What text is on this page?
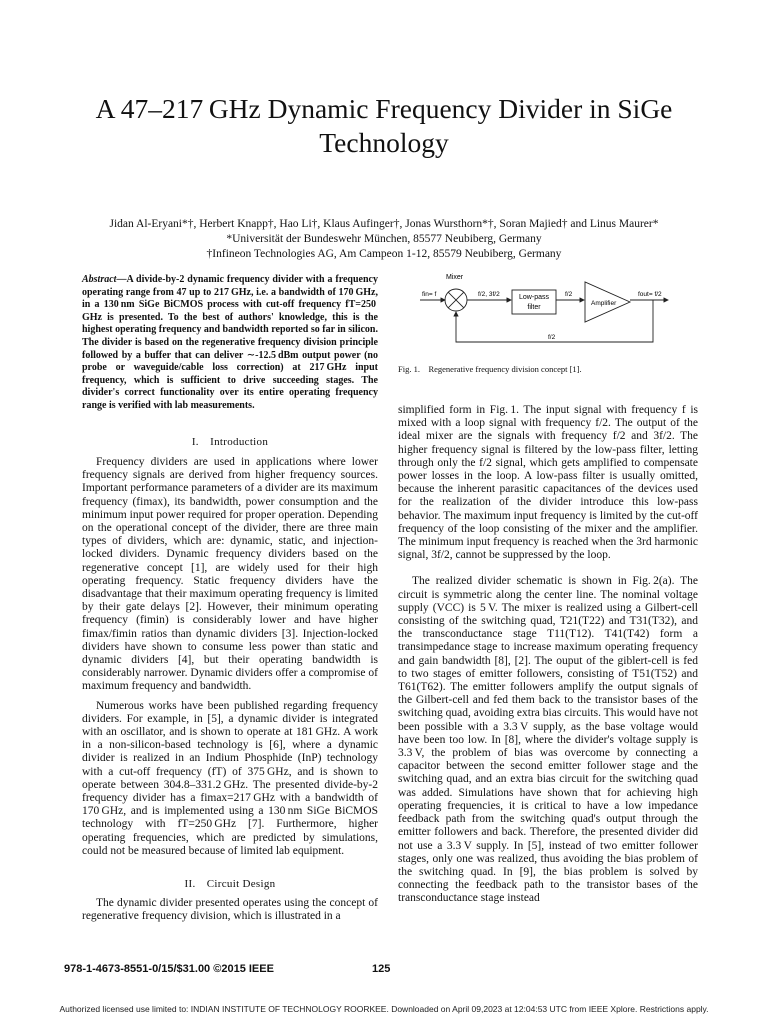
A 47–217 GHz Dynamic Frequency Divider in SiGe Technology
Jidan Al-Eryani*†, Herbert Knapp†, Hao Li†, Klaus Aufinger†, Jonas Wursthorn*†, Soran Majied† and Linus Maurer*
*Universität der Bundeswehr München, 85577 Neubiberg, Germany
†Infineon Technologies AG, Am Campeon 1-12, 85579 Neubiberg, Germany

Abstract—A divide-by-2 dynamic frequency divider with a frequency operating range from 47 up to 217 GHz, i.e. a bandwidth of 170 GHz, in a 130 nm SiGe BiCMOS process with cut-off frequency fT=250 GHz is presented. To the best of authors' knowledge, this is the highest operating frequency and bandwidth reported so far in silicon. The divider is based on the regenerative frequency division principle followed by a buffer that can deliver ∼-12.5 dBm output power (no probe or waveguide/cable loss correction) at 217 GHz input frequency, which is sufficient to drive succeeding stages. The divider's correct functionality over its entire operating frequency range is verified with lab measurements.

I. Introduction

Frequency dividers are used in applications where lower frequency signals are derived from higher frequency sources. Important performance parameters of a divider are its maximum frequency (fimax), its bandwidth, power consumption and the minimum input power required for proper operation. Depending on the operational concept of the divider, there are three main types of dividers, which are: dynamic, static, and injection-locked dividers. Dynamic frequency dividers based on the regenerative concept [1], are widely used for their high operating frequency. Static frequency dividers have the disadvantage that their maximum operating frequency is limited by their gate delays [2]. However, their minimum operating frequency (fimin) is considerably lower and have higher fimax/fimin ratios than dynamic dividers [3]. Injection-locked dividers have shown to consume less power than static and dynamic dividers [4], but their operating bandwidth is considerably narrower. Dynamic dividers offer a compromise of maximum frequency and bandwidth.

Numerous works have been published regarding frequency dividers. For example, in [5], a dynamic divider is integrated with an oscillator, and is shown to operate at 181 GHz. A work in a non-silicon-based technology is [6], where a dynamic divider is realized in an Indium Phosphide (InP) technology with a cut-off frequency (fT) of 375 GHz, and is shown to operate between 304.8–331.2 GHz. The presented divide-by-2 frequency divider has a fimax=217 GHz with a bandwidth of 170 GHz, and is implemented using a 130 nm SiGe BiCMOS technology with fT=250 GHz [7]. Furthermore, higher operating frequencies, which are predicted by simulations, could not be measured because of limited lab equipment.

II. Circuit Design

The dynamic divider presented operates using the concept of regenerative frequency division, which is illustrated in a

Mixer
fin= f	f/2, 3f/2	Low-pass
filter
f/2
Amplifier
fout= f/2
f/2
Fig. 1. Regenerative frequency division concept [1].

simplified form in Fig. 1. The input signal with frequency f is mixed with a loop signal with frequency f/2. The output of the ideal mixer are the signals with frequency f/2 and 3f/2. The higher frequency signal is filtered by the low-pass filter, letting through only the f/2 signal, which gets amplified to compensate power losses in the loop. A low-pass filter is usually omitted, because the inherent parasitic capacitances of the devices used for the realization of the divider introduce this low-pass behavior. The maximum input frequency is limited by the cut-off frequency of the loop consisting of the mixer and the amplifier. The minimum input frequency is reached when the 3rd harmonic signal, 3f/2, cannot be suppressed by the loop.

The realized divider schematic is shown in Fig. 2(a). The circuit is symmetric along the center line. The nominal voltage supply (VCC) is 5 V. The mixer is realized using a Gilbert-cell consisting of the switching quad, T21(T22) and T31(T32), and the transconductance stage T11(T12). T41(T42) form a transimpedance stage to increase maximum operating frequency and gain bandwidth [8], [2]. The ouput of the giblert-cell is fed to two stages of emitter followers, consisting of T51(T52) and T61(T62). The emitter followers amplify the output signals of the Gilbert-cell and fed them back to the transistor bases of the switching quad, avoiding extra bias circuits. This would have not been possible with a 3.3 V supply, as the base voltage would have been too low. In [8], where the divider's voltage supply is 3.3 V, the problem of bias was overcome by connecting a capacitor between the second emitter follower stage and the switching quad, and an extra bias circuit for the switching quad was added. Simulations have shown that for achieving high operating frequencies, it is critical to have a low impedance feedback path from the switching quad's output through the emitter followers and back. Therefore, the presented divider did not use a 3.3 V supply. In [5], instead of two emitter follower stages, only one was realized, thus avoiding the bias problem of the switching quad. In [9], the bias problem is solved by connecting the feedback path to the transistor bases of the transconductance stage instead

978-1-4673-8551-0/15/$31.00 ©2015 IEEE	125
Authorized licensed use limited to: INDIAN INSTITUTE OF TECHNOLOGY ROORKEE. Downloaded on April 09,2023 at 12:04:53 UTC from IEEE Xplore. Restrictions apply.
